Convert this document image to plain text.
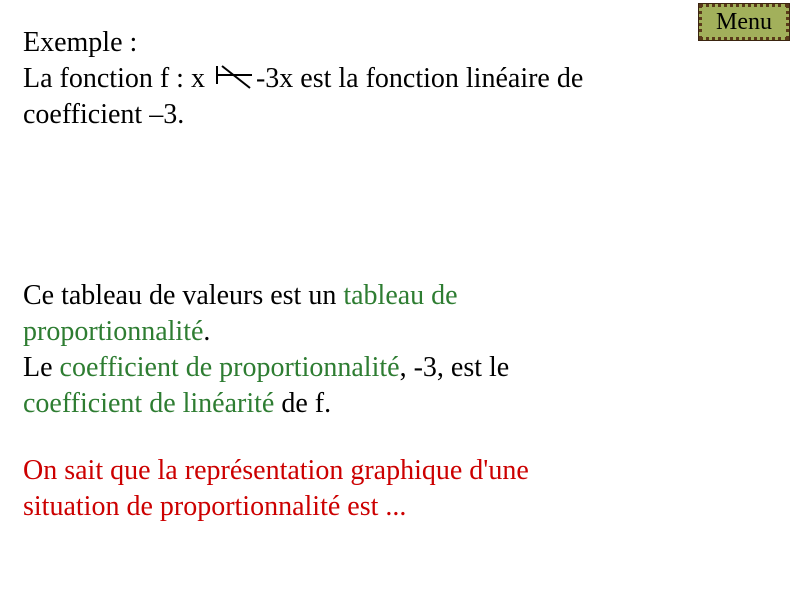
Menu
Exemple :
La fonction f : x -3x est la fonction linéaire de
coefficient –3.
Ce tableau de valeurs est un tableau de
proportionnalité.
Le coefficient de proportionnalité, -3, est le
coefficient de linéarité de f.
On sait que la représentation graphique d'une
situation de proportionnalité est ...
